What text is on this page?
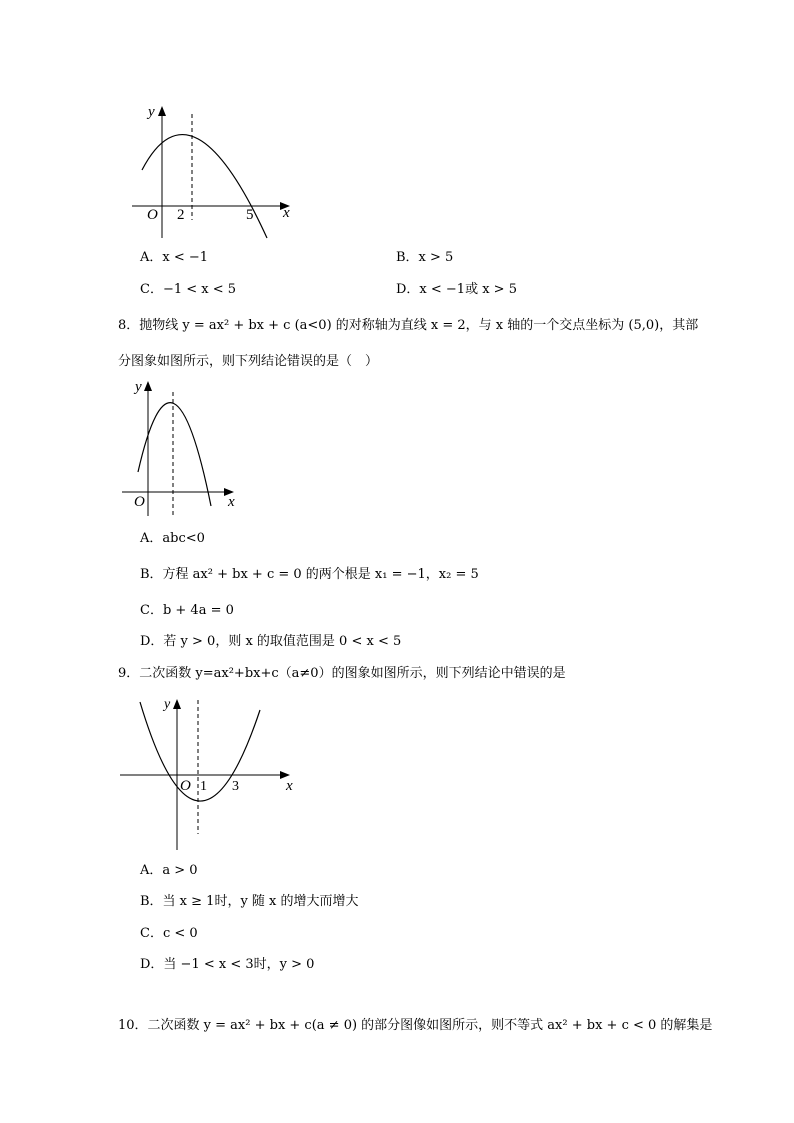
y
x
O 2	5
A．x < −1	B．x > 5
C．−1 < x < 5	D．x < −1或 x > 5
8．抛物线 y = ax² + bx + c (a<0) 的对称轴为直线 x = 2，与 x 轴的一个交点坐标为 (5,0)，其部
分图象如图所示，则下列结论错误的是（　）
y
x
O
A．abc<0
B．方程 ax² + bx + c = 0 的两个根是 x₁ = −1，x₂ = 5
C．b + 4a = 0
D．若 y > 0，则 x 的取值范围是 0 < x < 5
9．二次函数 y=ax²+bx+c（a≠0）的图象如图所示，则下列结论中错误的是
y
x
O 1 3
A．a > 0
B．当 x ≥ 1时，y 随 x 的增大而增大
C．c < 0
D．当 −1 < x < 3时，y > 0
10．二次函数 y = ax² + bx + c(a ≠ 0) 的部分图像如图所示，则不等式 ax² + bx + c < 0 的解集是
